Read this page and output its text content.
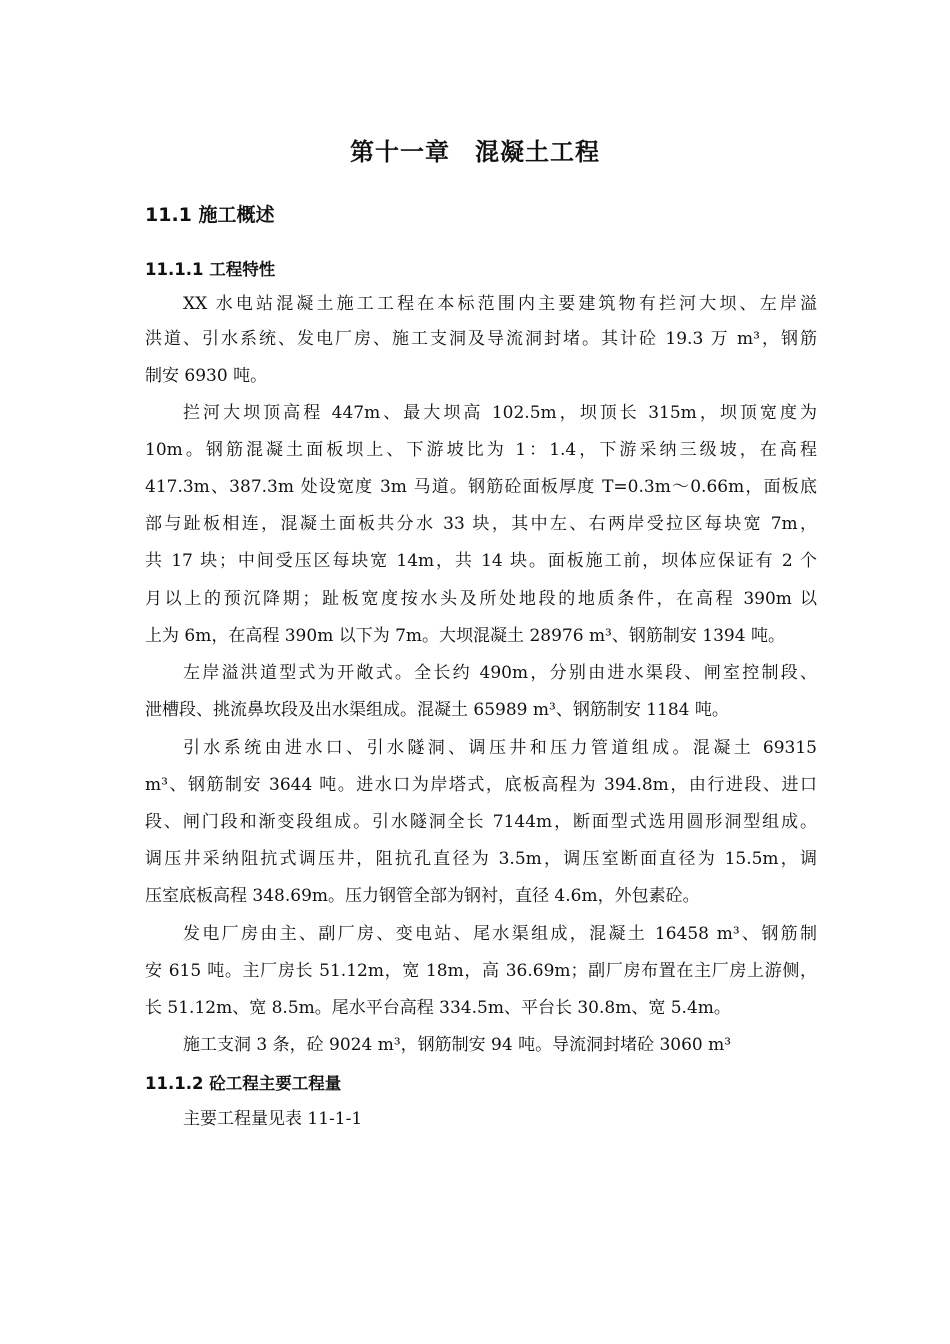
第十一章　混凝土工程
11.1 施工概述
11.1.1 工程特性
XX 水电站混凝土施工工程在本标范围内主要建筑物有拦河大坝、左岸溢
洪道、引水系统、发电厂房、施工支洞及导流洞封堵。其计砼 19.3 万 m³，钢筋
制安 6930 吨。
拦河大坝顶高程 447m、最大坝高 102.5m，坝顶长 315m，坝顶宽度为
10m。钢筋混凝土面板坝上、下游坡比为 1：1.4，下游采纳三级坡，在高程
417.3m、387.3m 处设宽度 3m 马道。钢筋砼面板厚度 T=0.3m～0.66m，面板底
部与趾板相连，混凝土面板共分水 33 块，其中左、右两岸受拉区每块宽 7m，
共 17 块；中间受压区每块宽 14m，共 14 块。面板施工前，坝体应保证有 2 个
月以上的预沉降期；趾板宽度按水头及所处地段的地质条件，在高程 390m 以
上为 6m，在高程 390m 以下为 7m。大坝混凝土 28976 m³、钢筋制安 1394 吨。
左岸溢洪道型式为开敞式。全长约 490m，分别由进水渠段、闸室控制段、
泄槽段、挑流鼻坎段及出水渠组成。混凝土 65989 m³、钢筋制安 1184 吨。
引水系统由进水口、引水隧洞、调压井和压力管道组成。混凝土 69315
m³、钢筋制安 3644 吨。进水口为岸塔式，底板高程为 394.8m，由行进段、进口
段、闸门段和渐变段组成。引水隧洞全长 7144m，断面型式选用圆形洞型组成。
调压井采纳阻抗式调压井，阻抗孔直径为 3.5m，调压室断面直径为 15.5m，调
压室底板高程 348.69m。压力钢管全部为钢衬，直径 4.6m，外包素砼。
发电厂房由主、副厂房、变电站、尾水渠组成，混凝土 16458 m³、钢筋制
安 615 吨。主厂房长 51.12m，宽 18m，高 36.69m；副厂房布置在主厂房上游侧，
长 51.12m、宽 8.5m。尾水平台高程 334.5m、平台长 30.8m、宽 5.4m。
施工支洞 3 条，砼 9024 m³，钢筋制安 94 吨。导流洞封堵砼 3060 m³
11.1.2 砼工程主要工程量
主要工程量见表 11-1-1
